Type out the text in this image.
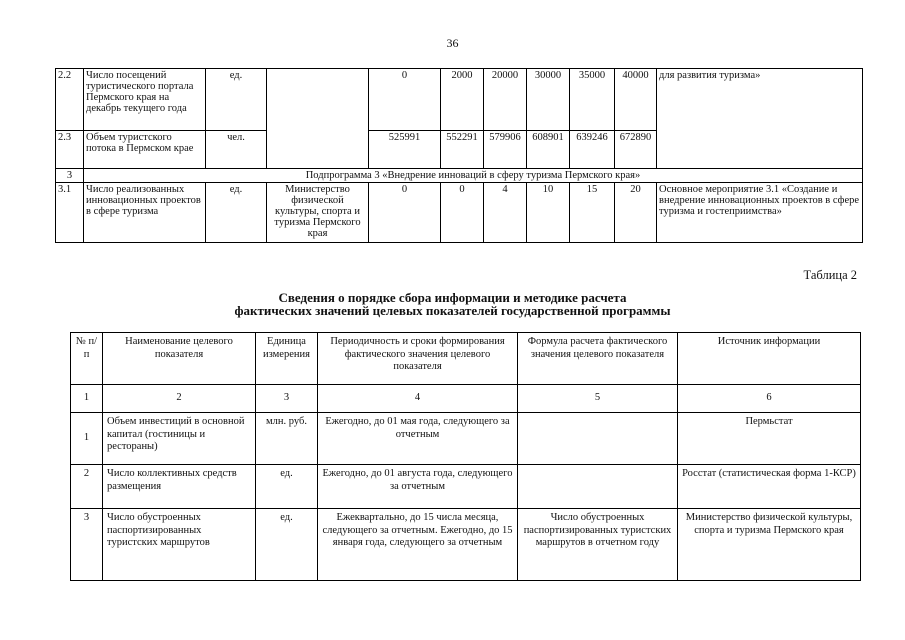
36
2.2	Число посещений туристического портала Пермского края на декабрь текущего года	ед.		0	2000	20000	30000	35000	40000	для развития туризма»
2.3	Объем туристского потока в Пермском крае	чел.		525991	552291	579906	608901	639246	672890	
3	Подпрограмма 3 «Внедрение инноваций в сферу туризма Пермского края»									
3.1	Число реализованных инновационных проектов в сфере туризма	ед.	Министерство физической культуры, спорта и туризма Пермского края	0	0	4	10	15	20	Основное мероприятие 3.1 «Создание и внедрение инновационных проектов в сфере туризма и гостеприимства»
Таблица 2
Сведения о порядке сбора информации и методике расчета
фактических значений целевых показателей государственной программы
№ п/п	Наименование целевого показателя	Единица измерения	Периодичность и сроки формирования фактического значения целевого показателя	Формула расчета фактического значения целевого показателя	Источник информации
1	2	3	4	5	6
1	Объем инвестиций в основной капитал (гостиницы и рестораны)	млн. руб.	Ежегодно, до 01 мая года, следующего за отчетным		Пермьстат
2	Число коллективных средств размещения	ед.	Ежегодно, до 01 августа года, следующего за отчетным		Росстат (статистическая форма 1-КСР)
3	Число обустроенных паспортизированных туристских маршрутов	ед.	Ежеквартально, до 15 числа месяца, следующего за отчетным. Ежегодно, до 15 января года, следующего за отчетным	Число обустроенных паспортизированных туристских маршрутов в отчетном году	Министерство физической культуры, спорта и туризма Пермского края
